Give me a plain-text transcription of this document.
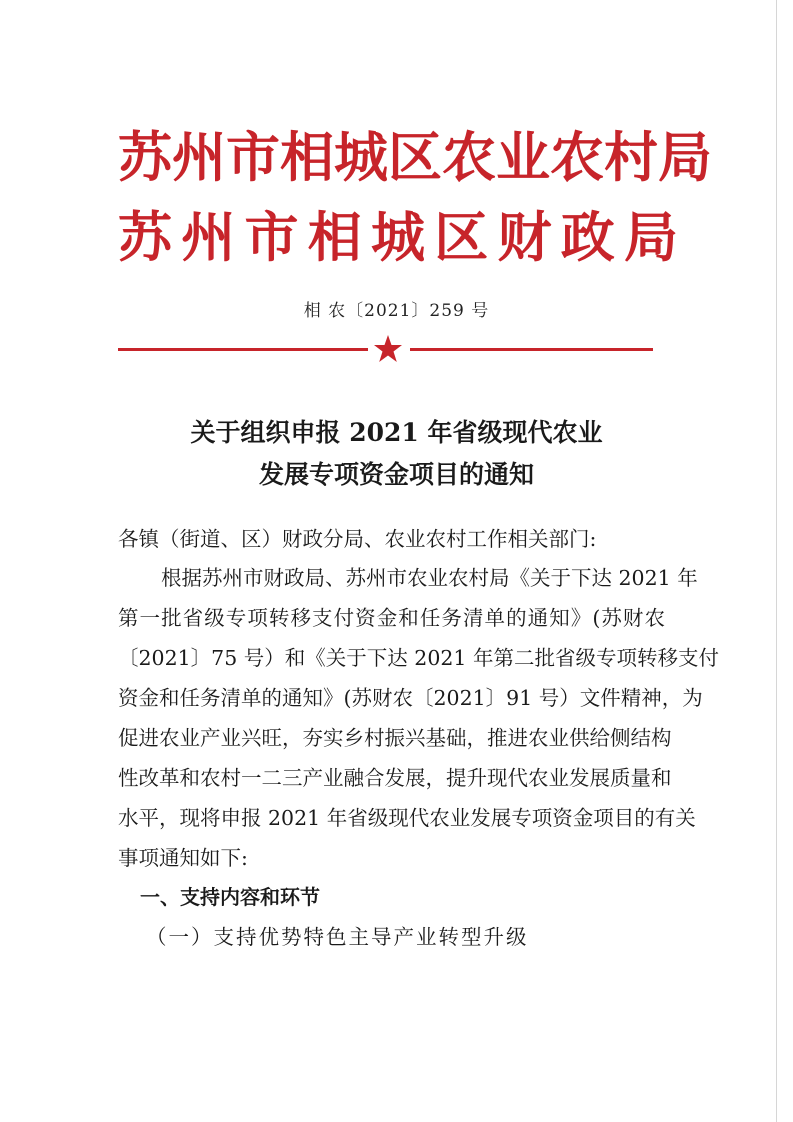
苏州市相城区农业农村局
苏州市相城区财政局
相 农〔2021〕259 号
关于组织申报 2021 年省级现代农业
发展专项资金项目的通知
各镇（街道、区）财政分局、农业农村工作相关部门:
根据苏州市财政局、苏州市农业农村局《关于下达 2021 年
第一批省级专项转移支付资金和任务清单的通知》(苏财农
〔2021〕75 号）和《关于下达 2021 年第二批省级专项转移支付
资金和任务清单的通知》(苏财农〔2021〕91 号）文件精神，为
促进农业产业兴旺，夯实乡村振兴基础，推进农业供给侧结构
性改革和农村一二三产业融合发展，提升现代农业发展质量和
水平，现将申报 2021 年省级现代农业发展专项资金项目的有关
事项通知如下:
一、支持内容和环节
（一）支持优势特色主导产业转型升级
